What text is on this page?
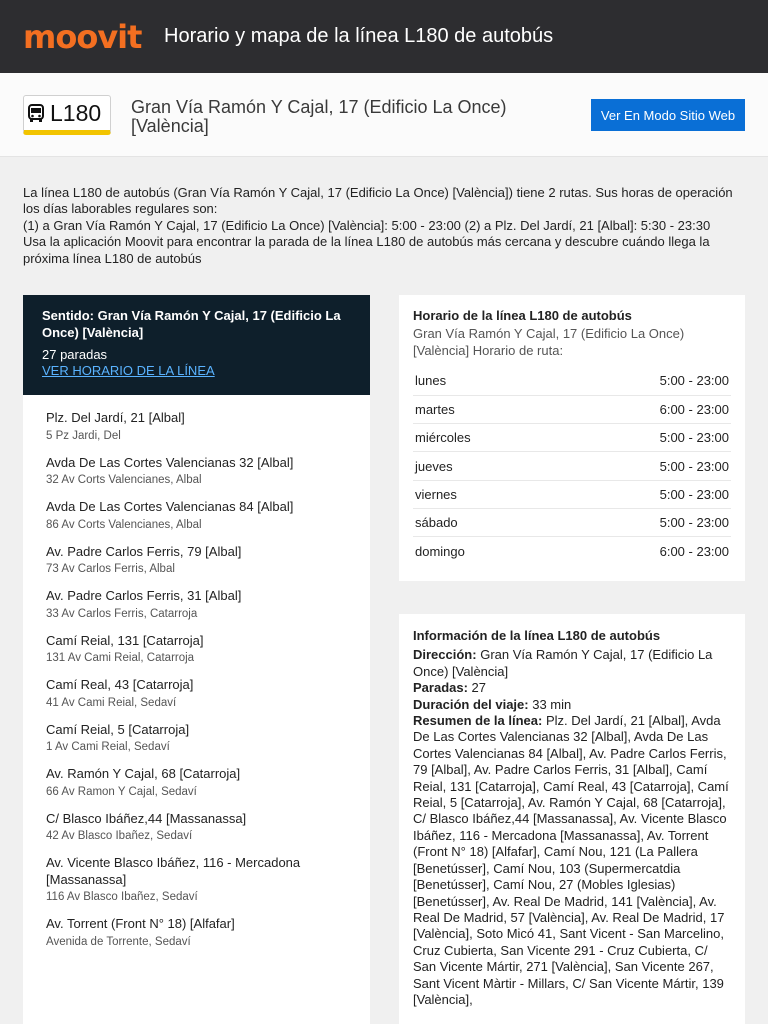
moovit	Horario y mapa de la línea L180 de autobús
L180 Gran Vía Ramón Y Cajal, 17 (Edificio La Once) [València]
Ver En Modo Sitio Web

La línea L180 de autobús (Gran Vía Ramón Y Cajal, 17 (Edificio La Once) [València]) tiene 2 rutas. Sus horas de operación los días laborables regulares son:

(1) a Gran Vía Ramón Y Cajal, 17 (Edificio La Once) [València]: 5:00 - 23:00 (2) a Plz. Del Jardí, 21 [Albal]: 5:30 - 23:30

Usa la aplicación Moovit para encontrar la parada de la línea L180 de autobús más cercana y descubre cuándo llega la próxima línea L180 de autobús

Sentido: Gran Vía Ramón Y Cajal, 17 (Edificio La Once) [València]
27 paradas
VER HORARIO DE LA LÍNEA
Plz. Del Jardí, 21 [Albal]
5 Pz Jardi, Del
Avda De Las Cortes Valencianas 32 [Albal]
32 Av Corts Valencianes, Albal
Avda De Las Cortes Valencianas 84 [Albal]
86 Av Corts Valencianes, Albal
Av. Padre Carlos Ferris, 79 [Albal]
73 Av Carlos Ferris, Albal
Av. Padre Carlos Ferris, 31 [Albal]
33 Av Carlos Ferris, Catarroja
Camí Reial, 131 [Catarroja]
131 Av Cami Reial, Catarroja
Camí Real, 43 [Catarroja]
41 Av Cami Reial, Sedaví
Camí Reial, 5 [Catarroja]
1 Av Cami Reial, Sedaví
Av. Ramón Y Cajal, 68 [Catarroja]
66 Av Ramon Y Cajal, Sedaví
C/ Blasco Ibáñez,44 [Massanassa]
42 Av Blasco Ibañez, Sedaví
Av. Vicente Blasco Ibáñez, 116 - Mercadona [Massanassa]
116 Av Blasco Ibañez, Sedaví
Av. Torrent (Front N° 18) [Alfafar]
Avenida de Torrente, Sedaví
Horario de la línea L180 de autobús
Gran Vía Ramón Y Cajal, 17 (Edificio La Once) [València] Horario de ruta:
lunes	5:00 - 23:00
martes	6:00 - 23:00
miércoles	5:00 - 23:00
jueves	5:00 - 23:00
viernes	5:00 - 23:00
sábado	5:00 - 23:00
domingo	6:00 - 23:00
Información de la línea L180 de autobús
Dirección: Gran Vía Ramón Y Cajal, 17 (Edificio La Once) [València]
Paradas: 27
Duración del viaje: 33 min
Resumen de la línea: Plz. Del Jardí, 21 [Albal], Avda De Las Cortes Valencianas 32 [Albal], Avda De Las Cortes Valencianas 84 [Albal], Av. Padre Carlos Ferris, 79 [Albal], Av. Padre Carlos Ferris, 31 [Albal], Camí Reial, 131 [Catarroja], Camí Real, 43 [Catarroja], Camí Reial, 5 [Catarroja], Av. Ramón Y Cajal, 68 [Catarroja], C/ Blasco Ibáñez,44 [Massanassa], Av. Vicente Blasco Ibáñez, 116 - Mercadona [Massanassa], Av. Torrent (Front N° 18) [Alfafar], Camí Nou, 121 (La Pallera [Benetússer], Camí Nou, 103 (Supermercatdia [Benetússer], Camí Nou, 27 (Mobles Iglesias) [Benetússer], Av. Real De Madrid, 141 [València], Av. Real De Madrid, 57 [València], Av. Real De Madrid, 17 [València], Soto Micó 41, Sant Vicent - San Marcelino, Cruz Cubierta, San Vicente 291 - Cruz Cubierta, C/ San Vicente Mártir, 271 [València], San Vicente 267, Sant Vicent Màrtir - Millars, C/ San Vicente Mártir, 139 [València],
